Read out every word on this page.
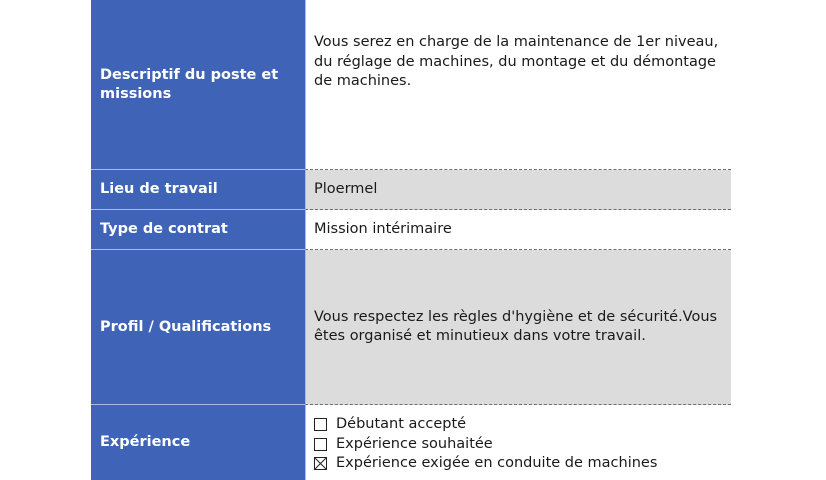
Descriptif du poste et missions
Vous serez en charge de la maintenance de 1er niveau, du réglage de machines, du montage et du démontage de machines.
Lieu de travail	Ploermel
Type de contrat	Mission intérimaire
Profil / Qualifications
Vous respectez les règles d'hygiène et de sécurité.Vous êtes organisé et minutieux dans votre travail.
Expérience
Débutant accepté
Expérience souhaitée
Expérience exigée en conduite de machines
